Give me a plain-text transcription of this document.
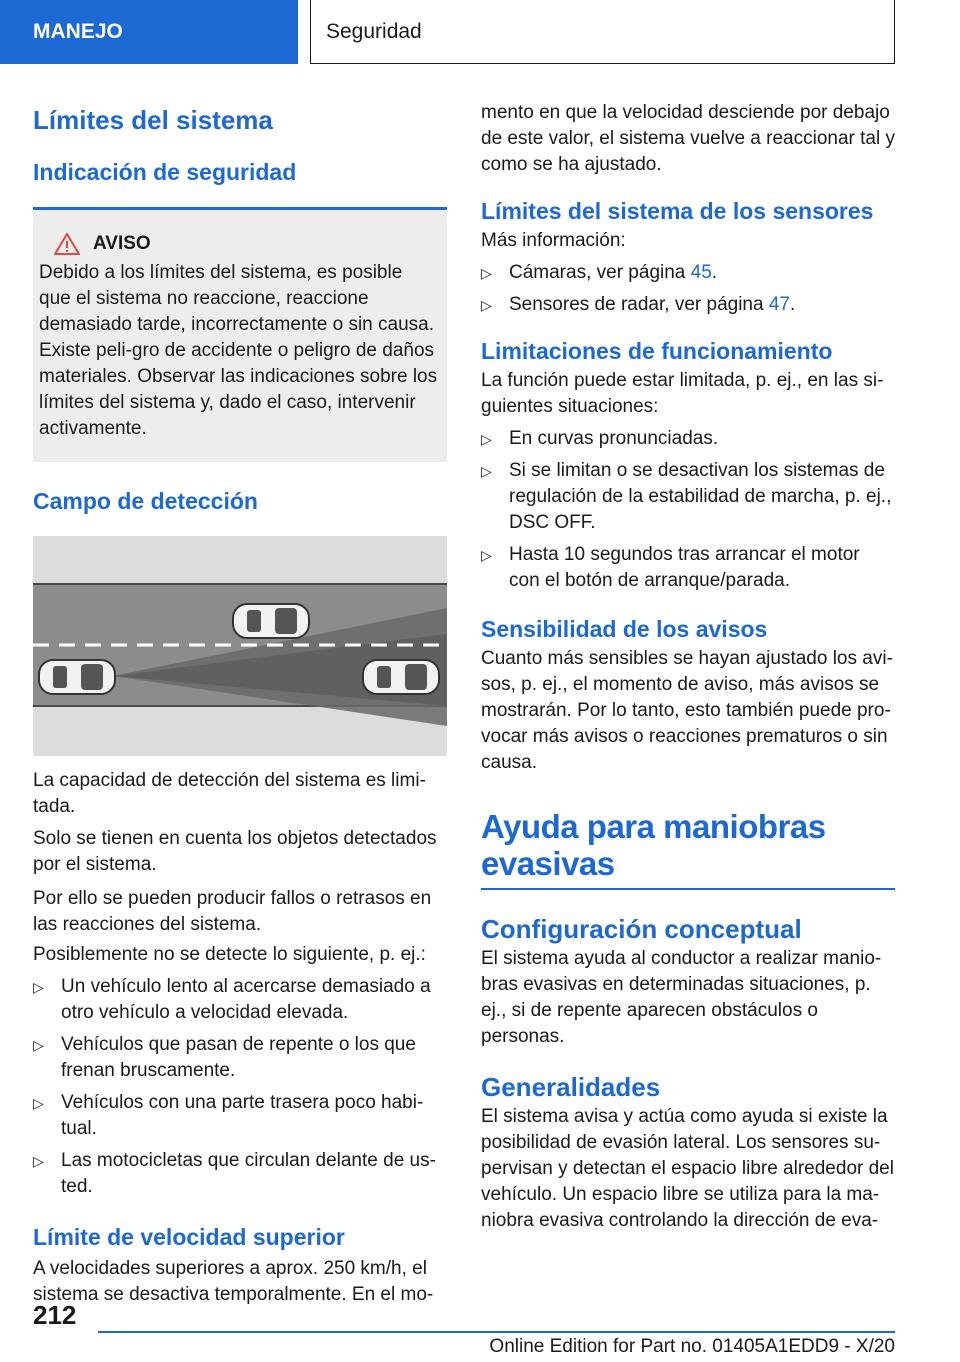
MANEJO	Seguridad
Límites del sistema
Indicación de seguridad
AVISO

Debido a los límites del sistema, es posible que el sistema no reaccione, reaccione demasiado tarde, incorrectamente o sin causa. Existe peli-gro de accidente o peligro de daños materiales. Observar las indicaciones sobre los límites del sistema y, dado el caso, intervenir activamente.

Campo de detección

La capacidad de detección del sistema es limi-tada.

Solo se tienen en cuenta los objetos detectados por el sistema.

Por ello se pueden producir fallos o retrasos en las reacciones del sistema.

Posiblemente no se detecte lo siguiente, p. ej.:

▷ Un vehículo lento al acercarse demasiado a otro vehículo a velocidad elevada.
▷ Vehículos que pasan de repente o los que frenan bruscamente.
▷ Vehículos con una parte trasera poco habi-tual.
▷ Las motocicletas que circulan delante de us-ted.
Límite de velocidad superior

A velocidades superiores a aprox. 250 km/h, el sistema se desactiva temporalmente. En el mo-

mento en que la velocidad desciende por debajo de este valor, el sistema vuelve a reaccionar tal y como se ha ajustado.

Límites del sistema de los sensores

Más información:

▷ Cámaras, ver página 45.
▷ Sensores de radar, ver página 47.
Limitaciones de funcionamiento

La función puede estar limitada, p. ej., en las si-guientes situaciones:

▷ En curvas pronunciadas.
▷ Si se limitan o se desactivan los sistemas de regulación de la estabilidad de marcha, p. ej., DSC OFF.
▷ Hasta 10 segundos tras arrancar el motor con el botón de arranque/parada.
Sensibilidad de los avisos

Cuanto más sensibles se hayan ajustado los avi-sos, p. ej., el momento de aviso, más avisos se mostrarán. Por lo tanto, esto también puede pro-vocar más avisos o reacciones prematuros o sin causa.

Ayuda para maniobras evasivas
Configuración conceptual

El sistema ayuda al conductor a realizar manio-bras evasivas en determinadas situaciones, p. ej., si de repente aparecen obstáculos o personas.

Generalidades

El sistema avisa y actúa como ayuda si existe la posibilidad de evasión lateral. Los sensores su-pervisan y detectan el espacio libre alrededor del vehículo. Un espacio libre se utiliza para la ma-niobra evasiva controlando la dirección de eva-

212
Online Edition for Part no. 01405A1EDD9 - X/20
